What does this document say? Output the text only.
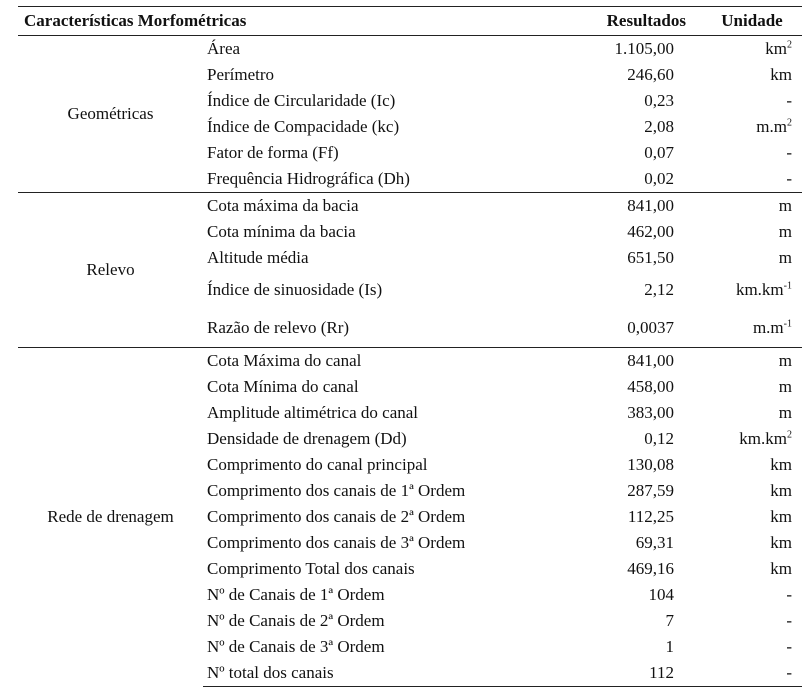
Características Morfométricas		Resultados	Unidade
Geométricas	Área	1.105,00	$km^2$
	Perímetro	246,60	km
	Índice de Circularidade (Ic)	0,23	-
	Índice de Compacidade (kc)	2,08	$m.m^2$
	Fator de forma (Ff)	0,07	-
	Frequência Hidrográfica (Dh)	0,02	-
Relevo	Cota máxima da bacia	841,00	m
	Cota mínima da bacia	462,00	m
	Altitude média	651,50	m
	Índice de sinuosidade (Is)	2,12	$km.km^{-1}$
	Razão de relevo (Rr)	0,0037	$m.m^{-1}$
Rede de drenagem	Cota Máxima do canal	841,00	m
	Cota Mínima do canal	458,00	m
	Amplitude altimétrica do canal	383,00	m
	Densidade de drenagem (Dd)	0,12	$km.km^2$
	Comprimento do canal principal	130,08	km
	Comprimento dos canais de 1ª Ordem	287,59	km
	Comprimento dos canais de 2ª Ordem	112,25	km
	Comprimento dos canais de 3ª Ordem	69,31	km
	Comprimento Total dos canais	469,16	km
	Nº de Canais de 1ª Ordem	104	-
	Nº de Canais de 2ª Ordem	7	-
	Nº de Canais de 3ª Ordem	1	-
	Nº total dos canais	112	-
